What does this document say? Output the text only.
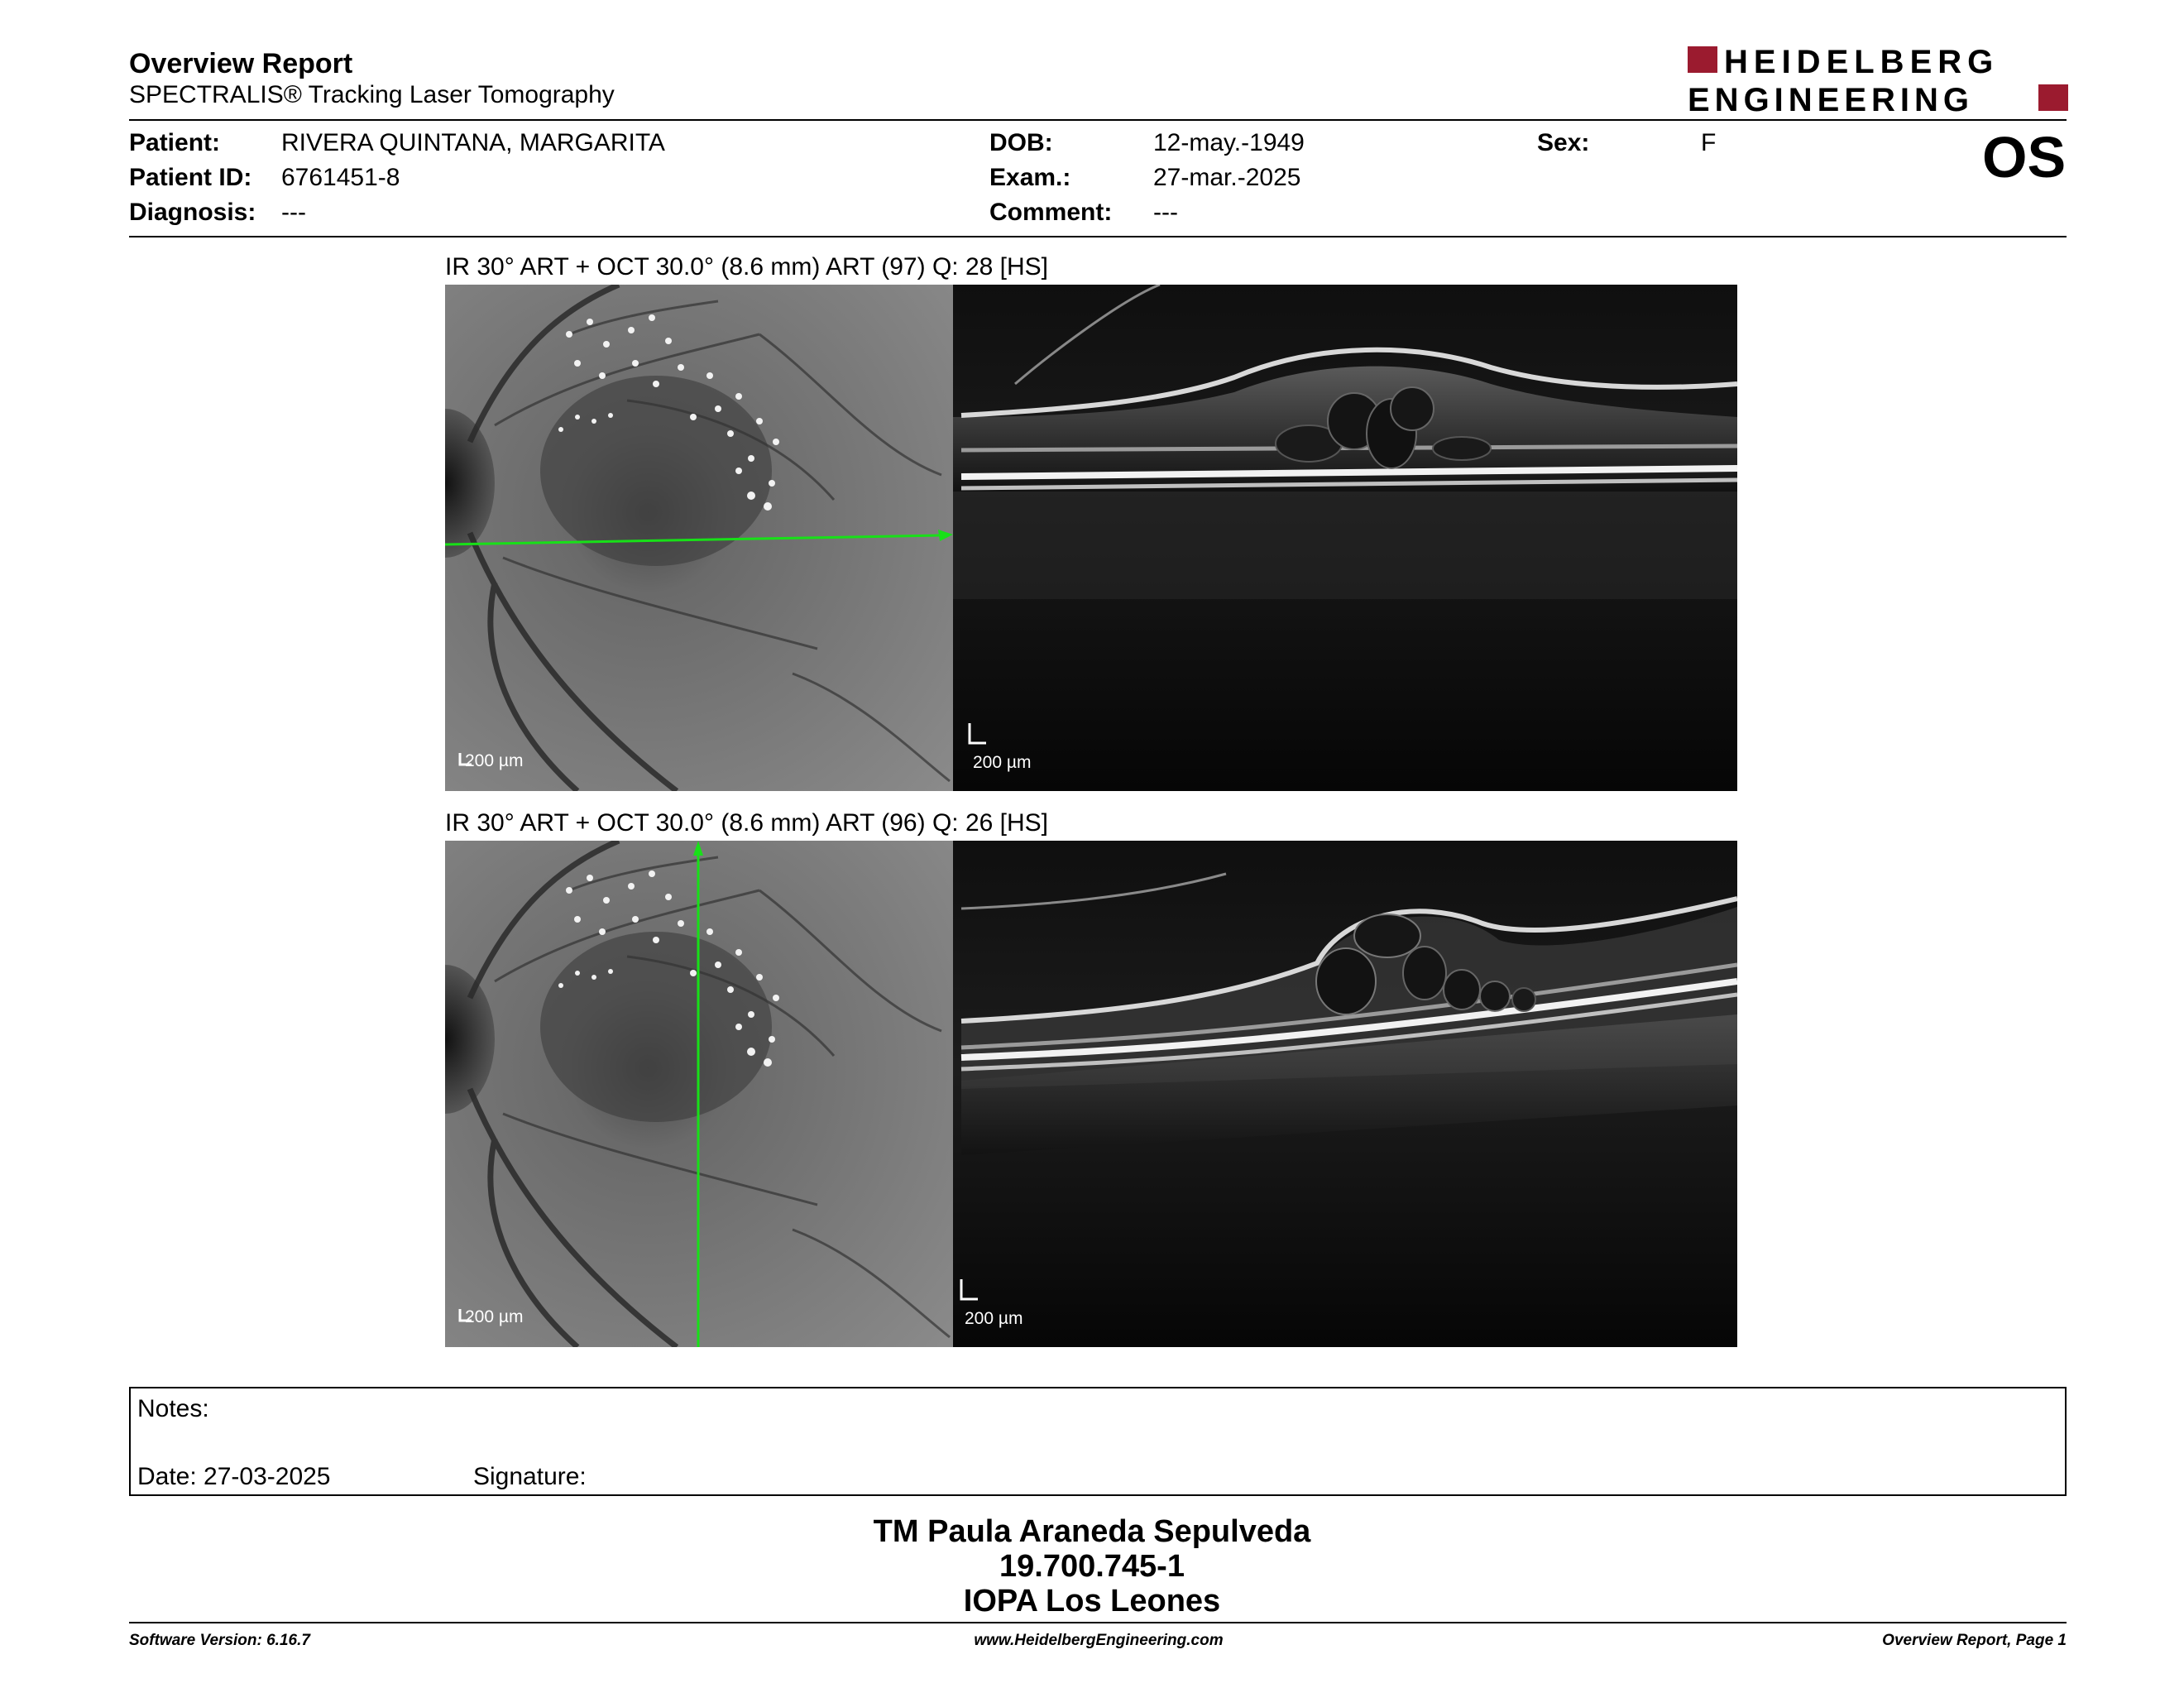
Overview Report
SPECTRALIS® Tracking Laser Tomography
HEIDELBERG
ENGINEERING
Patient: RIVERA QUINTANA, MARGARITA
Patient ID: 6761451-8
Diagnosis: ---
DOB:	12-may.-1949
Exam.:	27-mar.-2025
Comment: ---
Sex:	F	OS
IR 30° ART + OCT 30.0° (8.6 mm) ART (97) Q: 28 [HS]
200 µm	200 µm
IR 30° ART + OCT 30.0° (8.6 mm) ART (96) Q: 26 [HS]
200 µm	200 µm
Notes:
Date: 27-03-2025	Signature:
TM Paula Araneda Sepulveda
19.700.745-1
IOPA Los Leones
Software Version: 6.16.7	www.HeidelbergEngineering.com	Overview Report, Page 1
